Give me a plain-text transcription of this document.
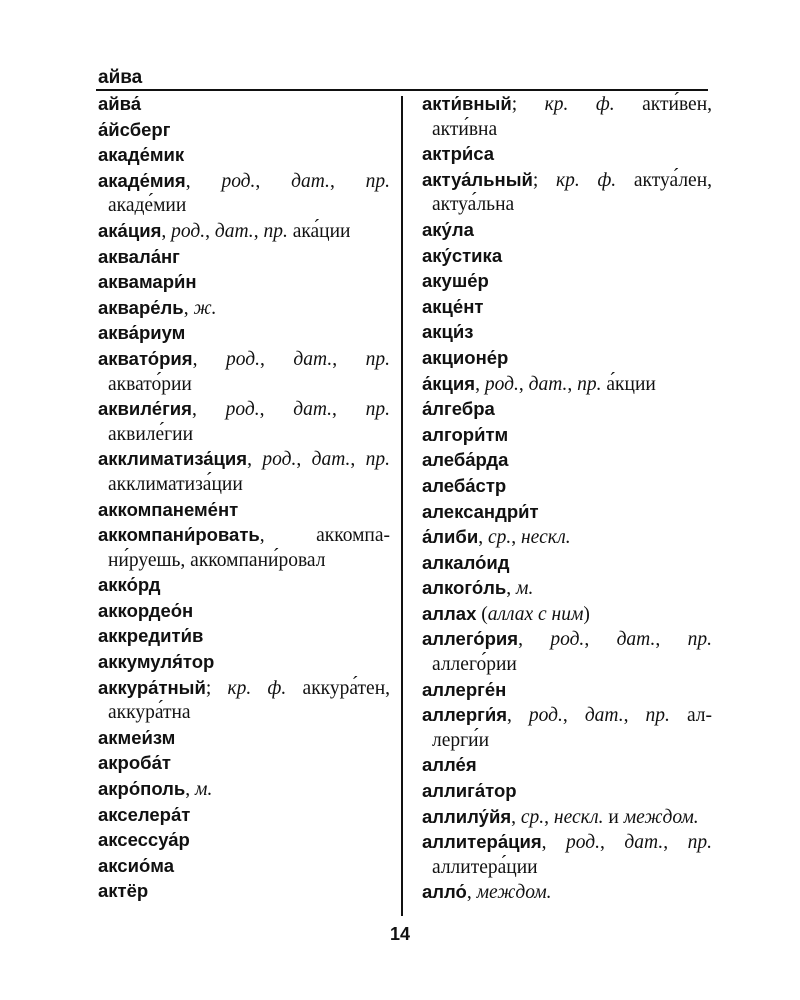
айва

айва́

а́йсберг

акаде́мик

акаде́мия, род., дат., пр. акаде́мии

ака́ция, род., дат., пр. ака́ции

аквала́нг

аквамари́н

акваре́ль, ж.

аква́риум

аквато́рия, род., дат., пр. аквато́рии

аквиле́гия, род., дат., пр. аквиле́гии

акклиматиза́ция, род., дат., пр. акклиматиза́ции

аккомпанеме́нт

аккомпани́ровать, аккомпани́руешь, аккомпани́ровал

акко́рд

аккордео́н

аккредити́в

аккумуля́тор

аккура́тный; кр. ф. аккура́тен, аккура́тна

акмеи́зм

акроба́т

акро́поль, м.

акселера́т

аксессуа́р

аксио́ма

актёр

акти́вный; кр. ф. акти́вен, акти́вна

актри́са

актуа́льный; кр. ф. актуа́лен, актуа́льна

аку́ла

аку́стика

акуше́р

акце́нт

акци́з

акционе́р

а́кция, род., дат., пр. а́кции

а́лгебра

алгори́тм

алеба́рда

алеба́стр

александри́т

а́либи, ср., нескл.

алкало́ид

алкого́ль, м.

аллах (аллах с ним)

аллего́рия, род., дат., пр. аллего́рии

аллерге́н

аллерги́я, род., дат., пр. аллерги́и

алле́я

аллига́тор

аллилу́йя, ср., нескл. и междом.

аллитера́ция, род., дат., пр. аллитера́ции

алло́, междом.

14
